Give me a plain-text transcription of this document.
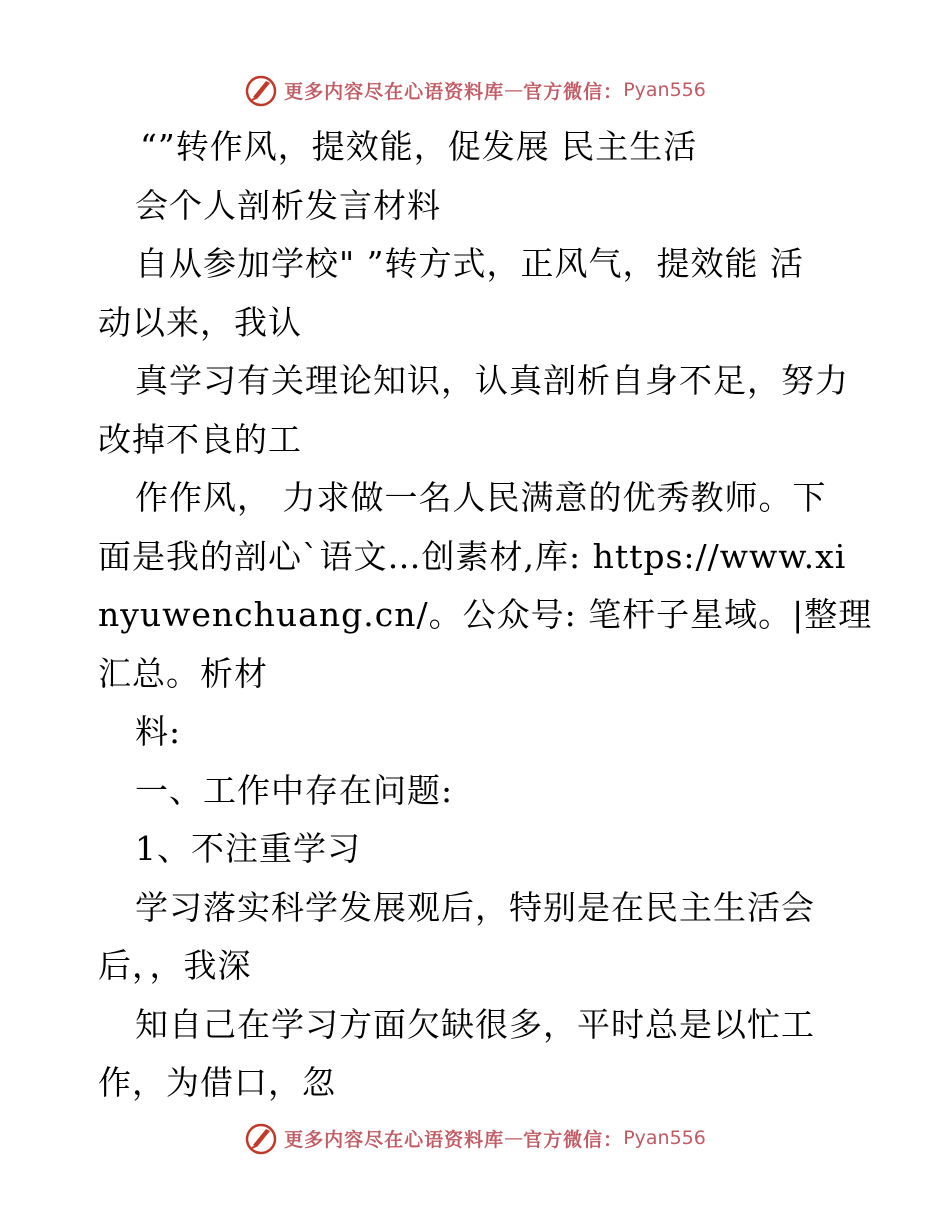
更多内容尽在心语资料库 — 官方微信： Pyan556
“”转作风，提效能，促发展 民主生活
会个人剖析发言材料
自从参加学校" ”转方式，正风气，提效能 活
动以来，我认
真学习有关理论知识，认真剖析自身不足，努力
改掉不良的工
作作风， 力求做一名人民满意的优秀教师。下
面是我的剖心`语文…创素材,库: https://www.xi
nyuwenchuang.cn/。公众号: 笔杆子星域。|整理
汇总。析材
料:
一、工作中存在问题:
1、不注重学习
学习落实科学发展观后，特别是在民主生活会
后，，我深
知自己在学习方面欠缺很多，平时总是以忙工
作，为借口，忽
更多内容尽在心语资料库 — 官方微信： Pyan556
